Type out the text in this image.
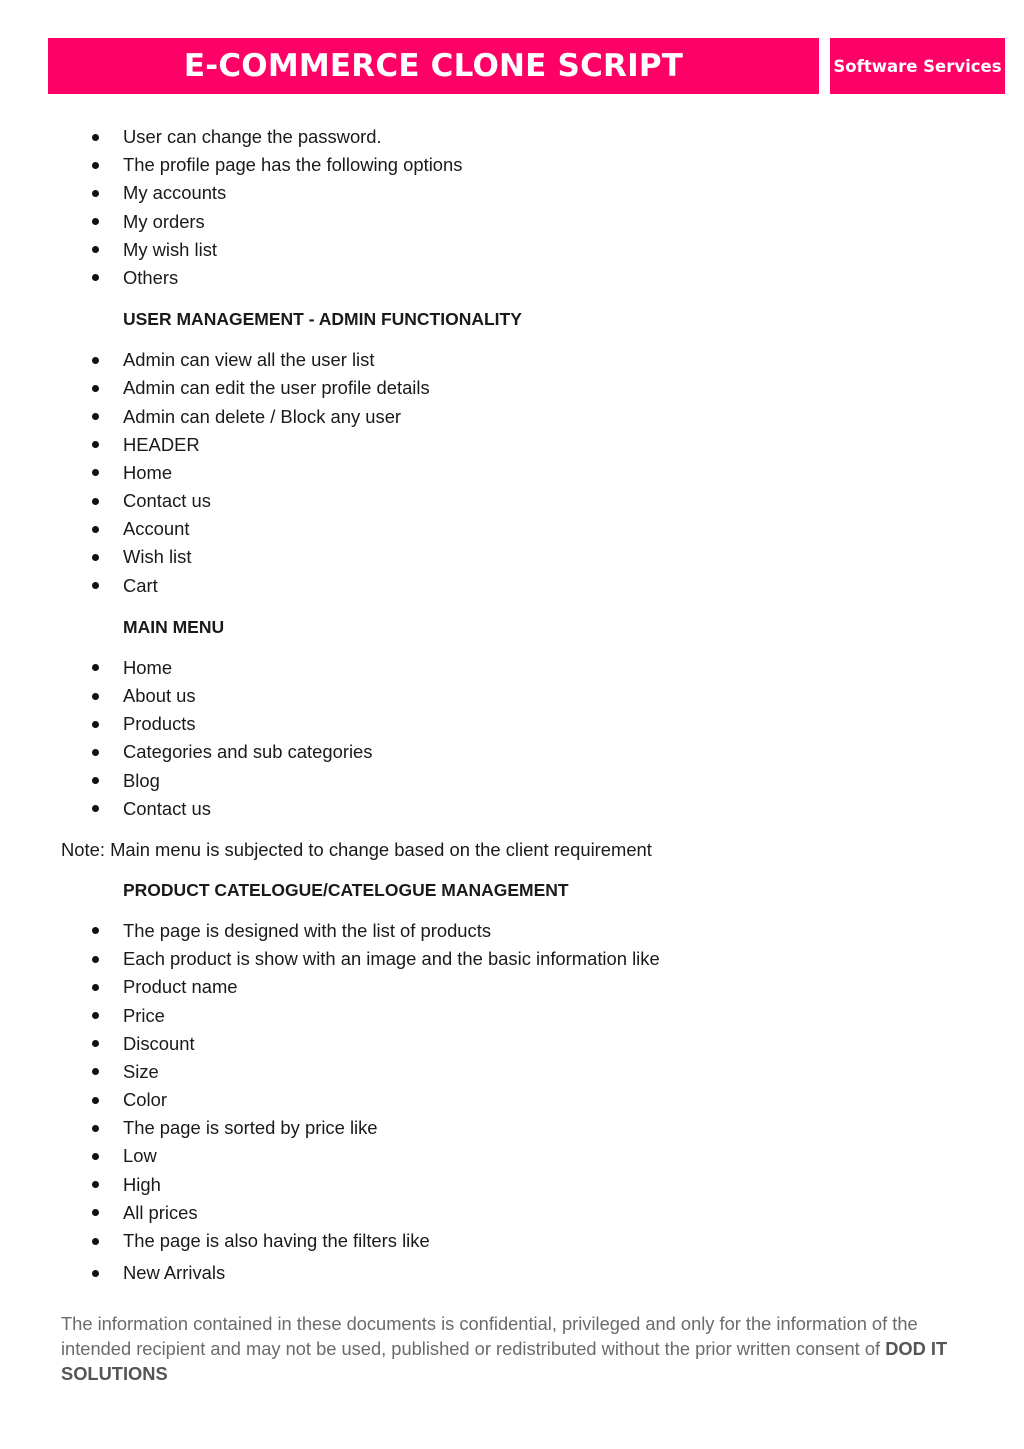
E-COMMERCE CLONE SCRIPT	Software Services
User can change the password.
The profile page has the following options
My accounts
My orders
My wish list
Others
USER MANAGEMENT - ADMIN FUNCTIONALITY
Admin can view all the user list
Admin can edit the user profile details
Admin can delete / Block any user
HEADER
Home
Contact us
Account
Wish list
Cart
MAIN MENU
Home
About us
Products
Categories and sub categories
Blog
Contact us
Note: Main menu is subjected to change based on the client requirement
PRODUCT CATELOGUE/CATELOGUE MANAGEMENT
The page is designed with the list of products
Each product is show with an image and the basic information like
Product name
Price
Discount
Size
Color
The page is sorted by price like
Low
High
All prices
The page is also having the filters like
New Arrivals
The information contained in these documents is confidential, privileged and only for the information of the intended recipient and may not be used, published or redistributed without the prior written consent of DOD IT SOLUTIONS
